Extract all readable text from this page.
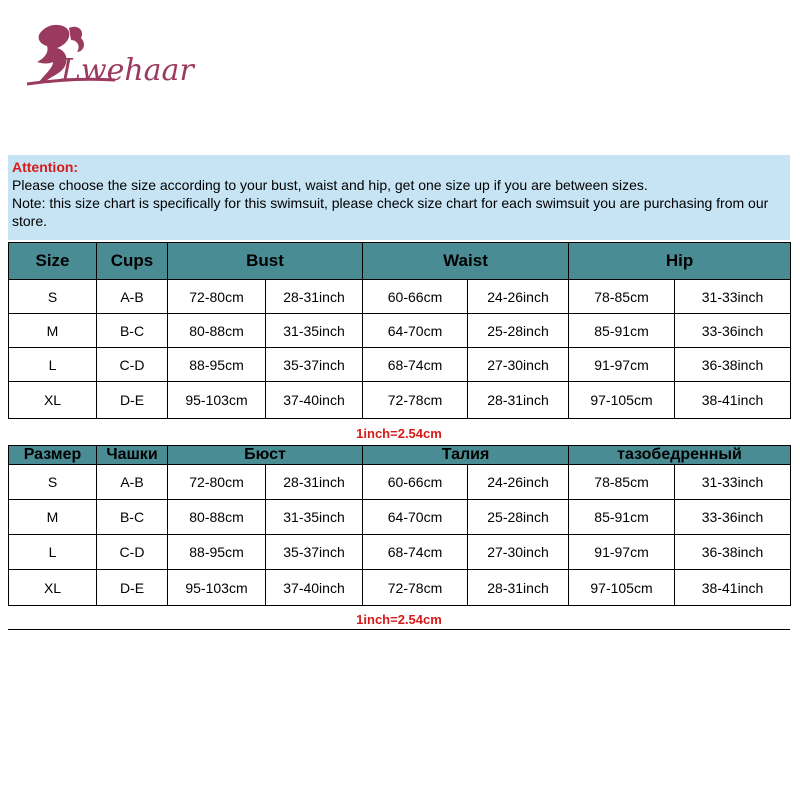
Lwehaar
Attention:
Please choose the size according to your bust, waist and hip, get one size up if you are between sizes.
Note: this size chart is specifically for this swimsuit, please check size chart for each swimsuit you are purchasing from our store.
Size	Cups	Bust		Waist		Hip	
S	A-B	72-80cm	28-31inch	60-66cm	24-26inch	78-85cm	31-33inch
M	B-C	80-88cm	31-35inch	64-70cm	25-28inch	85-91cm	33-36inch
L	C-D	88-95cm	35-37inch	68-74cm	27-30inch	91-97cm	36-38inch
XL	D-E	95-103cm	37-40inch	72-78cm	28-31inch	97-105cm	38-41inch
1inch=2.54cm
Размер	Чашки	Бюст		Талия		тазобедренный	
S	A-B	72-80cm	28-31inch	60-66cm	24-26inch	78-85cm	31-33inch
M	B-C	80-88cm	31-35inch	64-70cm	25-28inch	85-91cm	33-36inch
L	C-D	88-95cm	35-37inch	68-74cm	27-30inch	91-97cm	36-38inch
XL	D-E	95-103cm	37-40inch	72-78cm	28-31inch	97-105cm	38-41inch
1inch=2.54cm
